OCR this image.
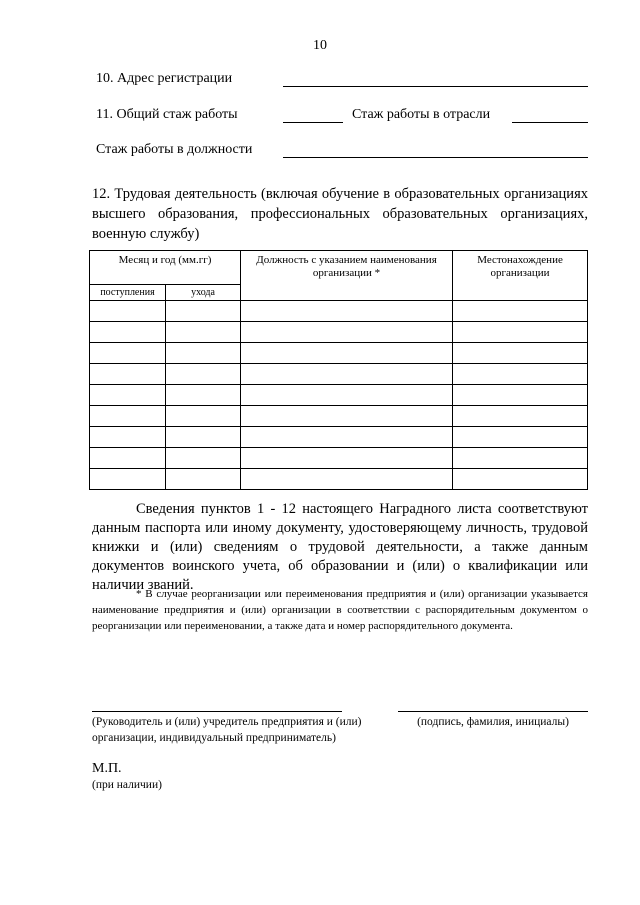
10
10. Адрес регистрации
11. Общий стаж работы	Стаж работы в отрасли
Стаж работы в должности
12. Трудовая деятельность (включая обучение в образовательных организациях высшего образования, профессиональных образовательных организациях, военную службу)
Месяц и год (мм.гг)		Должность с указанием наименования организации *	Местонахождение организации
поступления	ухода		

Сведения пунктов 1 - 12 настоящего Наградного листа соответствуют данным паспорта или иному документу, удостоверяющему личность, трудовой книжки и (или) сведениям о трудовой деятельности, а также данным документов воинского учета, об образовании и (или) о квалификации или наличии званий.
* В случае реорганизации или переименования предприятия и (или) организации указывается наименование предприятия и (или) организации в соответствии с распорядительным документом о реорганизации или переименовании, а также дата и номер распорядительного документа.
(Руководитель и (или) учредитель предприятия и (или) организации, индивидуальный предприниматель)
(подпись, фамилия, инициалы)
М.П.
(при наличии)
